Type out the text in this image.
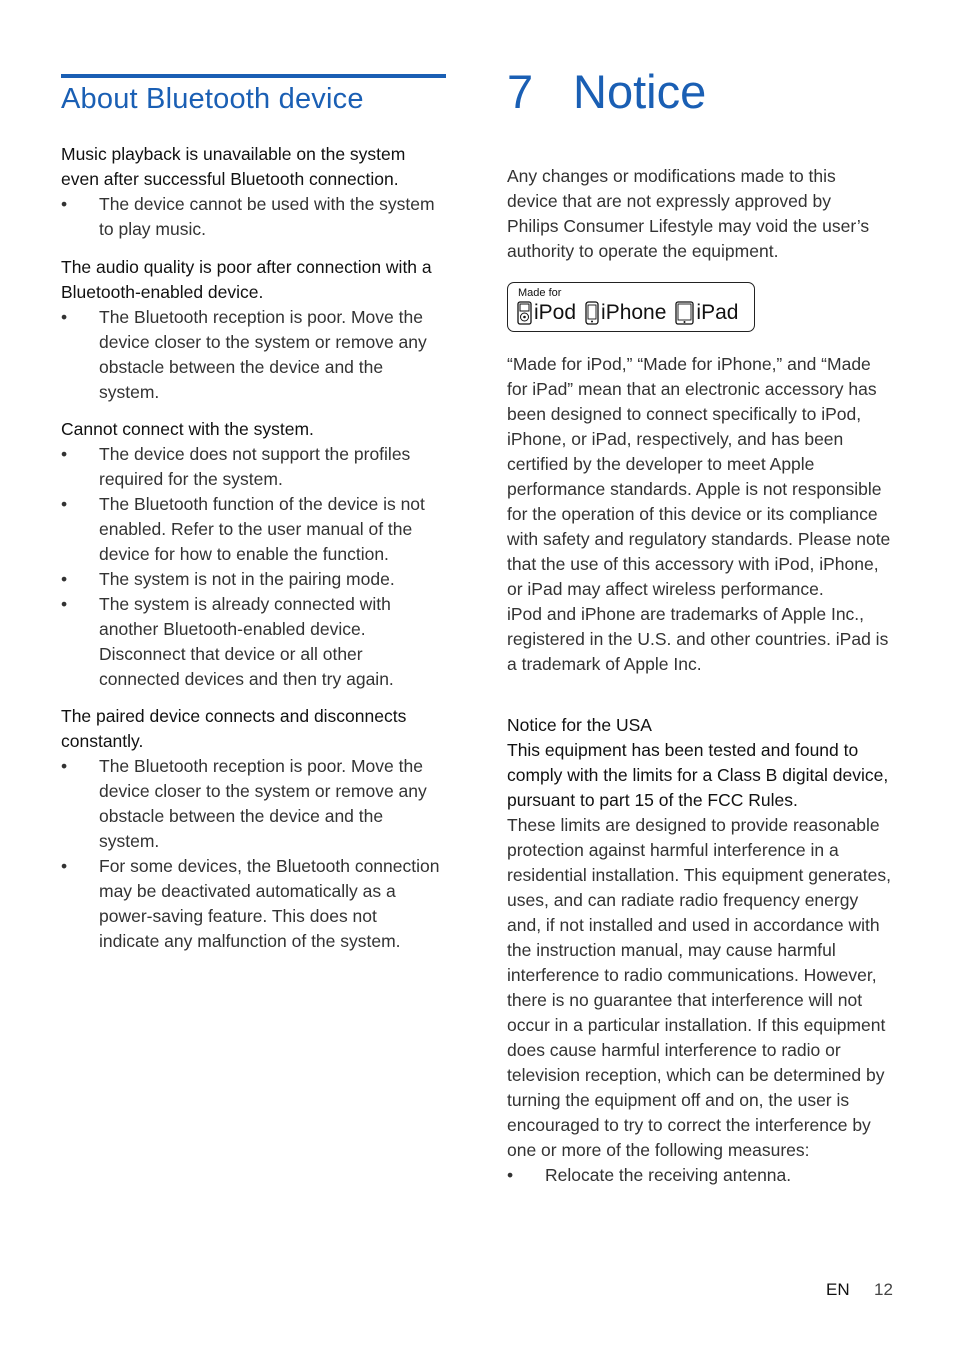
About Bluetooth device

Music playback is unavailable on the system even after successful Bluetooth connection.

• The device cannot be used with the system to play music.

The audio quality is poor after connection with a Bluetooth-enabled device.

• The Bluetooth reception is poor. Move the device closer to the system or remove any obstacle between the device and the system.

Cannot connect with the system.

• The device does not support the profiles required for the system.
• The Bluetooth function of the device is not enabled. Refer to the user manual of the device for how to enable the function.
• The system is not in the pairing mode.
• The system is already connected with another Bluetooth-enabled device. Disconnect that device or all other connected devices and then try again.

The paired device connects and disconnects constantly.

• The Bluetooth reception is poor. Move the device closer to the system or remove any obstacle between the device and the system.
• For some devices, the Bluetooth connection may be deactivated automatically as a power-saving feature. This does not indicate any malfunction of the system.
7 Notice

Any changes or modifications made to this device that are not expressly approved by Philips Consumer Lifestyle may void the user’s authority to operate the equipment.

Made for
iPod iPhone iPad

“Made for iPod,” “Made for iPhone,” and “Made for iPad” mean that an electronic accessory has been designed to connect specifically to iPod, iPhone, or iPad, respectively, and has been certified by the developer to meet Apple performance standards. Apple is not responsible for the operation of this device or its compliance with safety and regulatory standards. Please note that the use of this accessory with iPod, iPhone, or iPad may affect wireless performance.

iPod and iPhone are trademarks of Apple Inc., registered in the U.S. and other countries. iPad is a trademark of Apple Inc.

Notice for the USA

This equipment has been tested and found to comply with the limits for a Class B digital device, pursuant to part 15 of the FCC Rules.

These limits are designed to provide reasonable protection against harmful interference in a residential installation. This equipment generates, uses, and can radiate radio frequency energy and, if not installed and used in accordance with the instruction manual, may cause harmful interference to radio communications. However, there is no guarantee that interference will not occur in a particular installation. If this equipment does cause harmful interference to radio or television reception, which can be determined by turning the equipment off and on, the user is encouraged to try to correct the interference by one or more of the following measures:

• Relocate the receiving antenna.
EN 12
